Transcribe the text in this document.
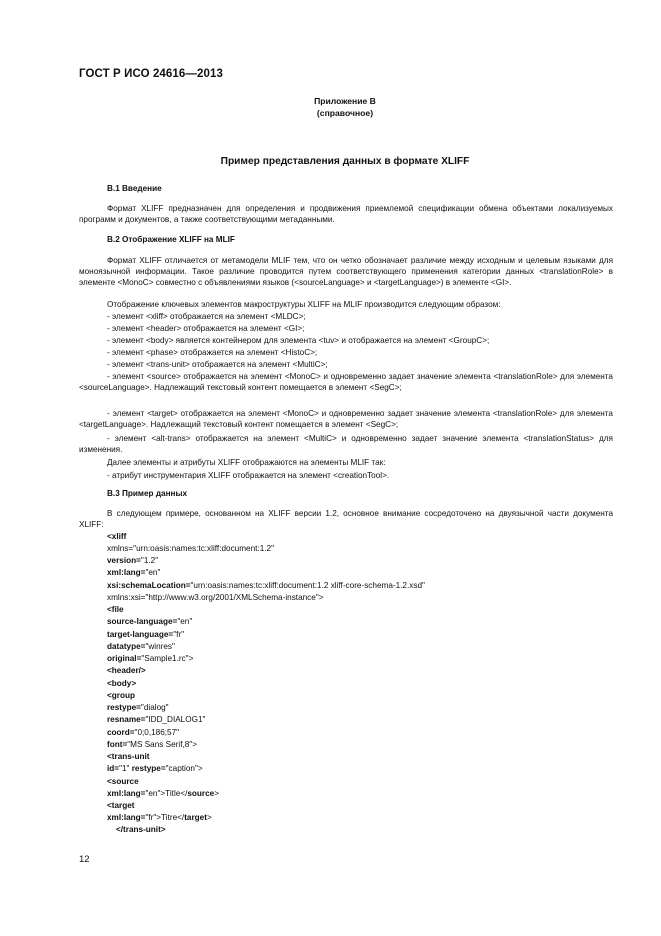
ГОСТ Р ИСО 24616—2013
Приложение В
(справочное)
Пример представления данных в формате XLIFF
В.1 Введение
Формат XLIFF предназначен для определения и продвижения приемлемой спецификации обмена объектами локализуемых программ и документов, а также соответствующими метаданными.
В.2 Отображение XLIFF на MLIF
Формат XLIFF отличается от метамодели MLIF тем, что он четко обозначает различие между исходным и целевым языками для моноязычной информации. Такое различие проводится путем соответствующего применения категории данных <translationRole> в элементе <MonoC> совместно с объявлениями языков (<sourceLanguage> и <targetLanguage>) в элементе <GI>.
Отображение ключевых элементов макроструктуры XLIFF на MLIF производится следующим образом:
- элемент <xliff> отображается на элемент <MLDC>;
- элемент <header> отображается на элемент <GI>;
- элемент <body> является контейнером для элемента <tuv> и отображается на элемент <GroupC>;
- элемент <phase> отображается на элемент <HistoC>;
- элемент <trans-unit> отображается на элемент <MultiC>;
- элемент <source> отображается на элемент <MonoC> и одновременно задает значение элемента <translationRole> для элемента <sourceLanguage>. Надлежащий текстовый контент помещается в элемент <SegC>;
- элемент <target> отображается на элемент <MonoC> и одновременно задает значение элемента <translationRole> для элемента <targetLanguage>. Надлежащий текстовый контент помещается в элемент <SegC>;
- элемент <alt-trans> отображается на элемент <MultiC> и одновременно задает значение элемента <translationStatus> для изменения.
Далее элементы и атрибуты XLIFF отображаются на элементы MLIF так:
- атрибут инструментария XLIFF отображается на элемент <creationTool>.
В.3 Пример данных
В следующем примере, основанном на XLIFF версии 1.2, основное внимание сосредоточено на двуязычной части документа XLIFF:
<xliff
xmlns="urn:oasis:names:tc:xliff:document:1.2"
version="1.2"
xml:lang="en"
xsi:schemaLocation="urn:oasis:names:tc:xliff:document:1.2 xliff-core-schema-1.2.xsd"
xmlns:xsi="http://www.w3.org/2001/XMLSchema-instance">
<file
source-language="en"
target-language="fr"
datatype="winres"
original="Sample1.rc">
<header/>
<body>
<group
restype="dialog"
resname="IDD_DIALOG1"
coord="0;0,186;57"
font="MS Sans Serif,8">
<trans-unit
id="1" restype="caption">
<source
xml:lang="en">Title</source>
<target
xml:lang="fr">Titre</target>
</trans-unit>
12
